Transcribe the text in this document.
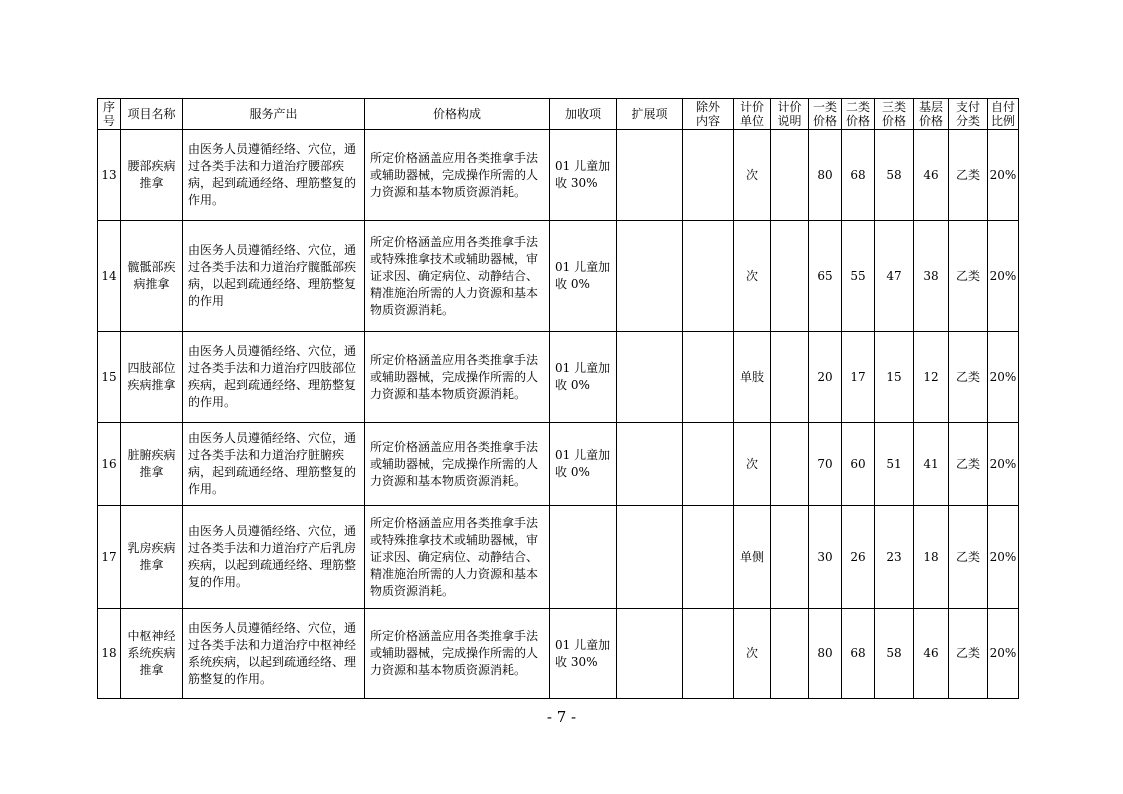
序号	项目名称	服务产出	价格构成	加收项	扩展项	除外内容	计价单位	计价说明	一类价格	二类价格	三类价格	基层价格	支付分类	自付比例
13	腰部疾病推拿	由医务人员遵循经络、穴位，通过各类手法和力道治疗腰部疾病，起到疏通经络、理筋整复的作用。	所定价格涵盖应用各类推拿手法或辅助器械，完成操作所需的人力资源和基本物质资源消耗。	01 儿童加收 30%			次		80	68	58	46	乙类	20%
14	髋骶部疾病推拿	由医务人员遵循经络、穴位，通过各类手法和力道治疗髋骶部疾病，以起到疏通经络、理筋整复的作用	所定价格涵盖应用各类推拿手法或特殊推拿技术或辅助器械，审证求因、确定病位、动静结合、精准施治所需的人力资源和基本物质资源消耗。	01 儿童加收 0%			次		65	55	47	38	乙类	20%
15	四肢部位疾病推拿	由医务人员遵循经络、穴位，通过各类手法和力道治疗四肢部位疾病，起到疏通经络、理筋整复的作用。	所定价格涵盖应用各类推拿手法或辅助器械，完成操作所需的人力资源和基本物质资源消耗。	01 儿童加收 0%			单肢		20	17	15	12	乙类	20%
16	脏腑疾病推拿	由医务人员遵循经络、穴位，通过各类手法和力道治疗脏腑疾病，起到疏通经络、理筋整复的作用。	所定价格涵盖应用各类推拿手法或辅助器械，完成操作所需的人力资源和基本物质资源消耗。	01 儿童加收 0%			次		70	60	51	41	乙类	20%
17	乳房疾病推拿	由医务人员遵循经络、穴位，通过各类手法和力道治疗产后乳房疾病，以起到疏通经络、理筋整复的作用。	所定价格涵盖应用各类推拿手法或特殊推拿技术或辅助器械，审证求因、确定病位、动静结合、精准施治所需的人力资源和基本物质资源消耗。				单侧		30	26	23	18	乙类	20%
18	中枢神经系统疾病推拿	由医务人员遵循经络、穴位，通过各类手法和力道治疗中枢神经系统疾病，以起到疏通经络、理筋整复的作用。	所定价格涵盖应用各类推拿手法或辅助器械，完成操作所需的人力资源和基本物质资源消耗。	01 儿童加收 30%			次		80	68	58	46	乙类	20%
- 7 -
